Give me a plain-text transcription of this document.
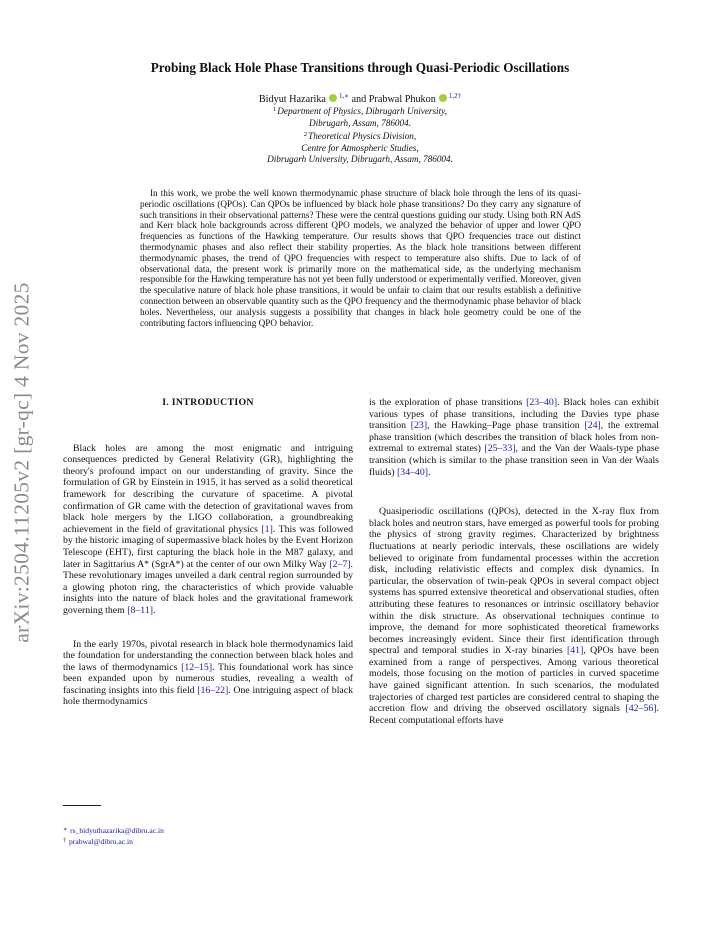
arXiv:2504.11205v2 [gr-qc] 4 Nov 2025
Probing Black Hole Phase Transitions through Quasi-Periodic Oscillations
Bidyut Hazarika $^{1,∗}$ and Prabwal Phukon $^{1,2\dagger}$
$^1$Department of Physics, Dibrugarh University,
Dibrugarh, Assam, 786004.
$^2$Theoretical Physics Division,
Centre for Atmospheric Studies,
Dibrugarh University, Dibrugarh, Assam, 786004.

In this work, we probe the well known thermodynamic phase structure of black hole through the lens of its quasi-periodic oscillations (QPOs). Can QPOs be influenced by black hole phase transitions? Do they carry any signature of such transitions in their observational patterns? These were the central questions guiding our study. Using both RN AdS and Kerr black hole backgrounds across different QPO models, we analyzed the behavior of upper and lower QPO frequencies as functions of the Hawking temperature. Our results shows that QPO frequencies trace out distinct thermodynamic phases and also reflect their stability properties. As the black hole transitions between different thermodynamic phases, the trend of QPO frequencies with respect to temperature also shifts. Due to lack of of observational data, the present work is primarily more on the mathematical side, as the underlying mechanism responsible for the Hawking temperature has not yet been fully understood or experimentally verified. Moreover, given the speculative nature of black hole phase transitions, it would be unfair to claim that our results establish a definitive connection between an observable quantity such as the QPO frequency and the thermodynamic phase behavior of black holes. Nevertheless, our analysis suggests a possibility that changes in black hole geometry could be one of the contributing factors influencing QPO behavior.

I. INTRODUCTION

Black holes are among the most enigmatic and intriguing consequences predicted by General Relativity (GR), highlighting the theory's profound impact on our understanding of gravity. Since the formulation of GR by Einstein in 1915, it has served as a solid theoretical framework for describing the curvature of spacetime. A pivotal confirmation of GR came with the detection of gravitational waves from black hole mergers by the LIGO collaboration, a groundbreaking achievement in the field of gravitational physics [1]. This was followed by the historic imaging of supermassive black holes by the Event Horizon Telescope (EHT), first capturing the black hole in the M87 galaxy, and later in Sagittarius A* (SgrA*) at the center of our own Milky Way [2–7]. These revolutionary images unveiled a dark central region surrounded by a glowing photon ring, the characteristics of which provide valuable insights into the nature of black holes and the gravitational framework governing them [8–11].

In the early 1970s, pivotal research in black hole thermodynamics laid the foundation for understanding the connection between black holes and the laws of thermodynamics [12–15]. This foundational work has since been expanded upon by numerous studies, revealing a wealth of fascinating insights into this field [16–22]. One intriguing aspect of black hole thermodynamics

is the exploration of phase transitions [23–40]. Black holes can exhibit various types of phase transitions, including the Davies type phase transition [23], the Hawking–Page phase transition [24], the extremal phase transition (which describes the transition of black holes from non-extremal to extremal states) [25–33], and the Van der Waals-type phase transition (which is similar to the phase transition seen in Van der Waals fluids) [34–40].

Quasiperiodic oscillations (QPOs), detected in the X-ray flux from black holes and neutron stars, have emerged as powerful tools for probing the physics of strong gravity regimes. Characterized by brightness fluctuations at nearly periodic intervals, these oscillations are widely believed to originate from fundamental processes within the accretion disk, including relativistic effects and complex disk dynamics. In particular, the observation of twin-peak QPOs in several compact object systems has spurred extensive theoretical and observational studies, often attributing these features to resonances or intrinsic oscillatory behavior within the disk structure. As observational techniques continue to improve, the demand for more sophisticated theoretical frameworks becomes increasingly evident. Since their first identification through spectral and temporal studies in X-ray binaries [41], QPOs have been examined from a range of perspectives. Among various theoretical models, those focusing on the motion of particles in curved spacetime have gained significant attention. In such scenarios, the modulated trajectories of charged test particles are considered central to shaping the accretion flow and driving the observed oscillatory signals [42–56]. Recent computational efforts have

∗ rs_bidyuthazarika@dibru.ac.in
† prabwal@dibru.ac.in
